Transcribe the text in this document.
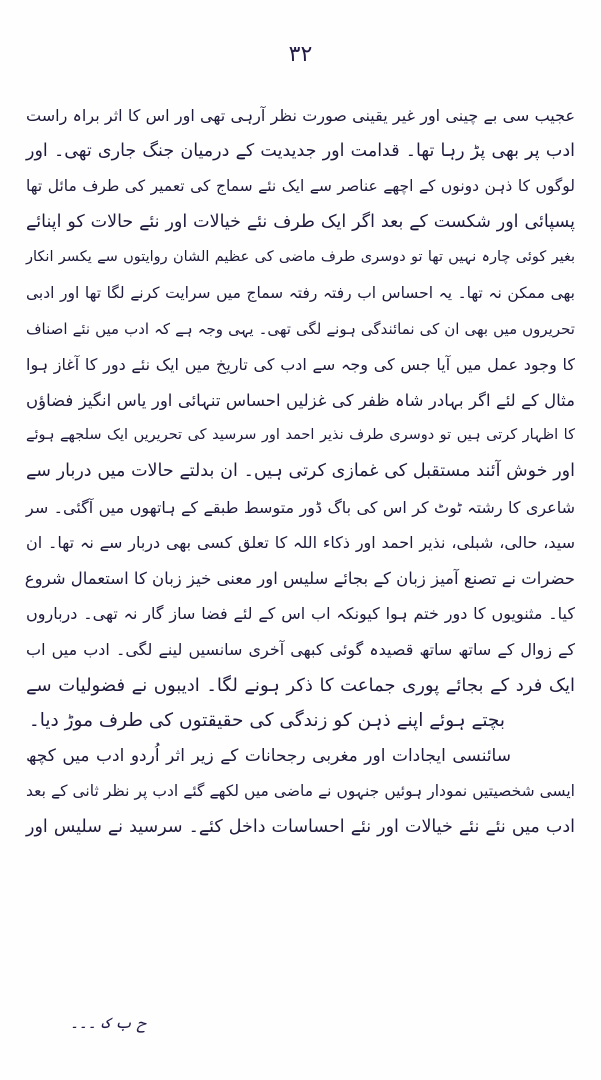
۳۲
عجیب سی بے چینی اور غیر یقینی صورت نظر آرہی تھی اور اس کا اثر براہ راست
ادب پر بھی پڑ رہا تھا۔ قدامت اور جدیدیت کے درمیان جنگ جاری تھی۔ اور
لوگوں کا ذہن دونوں کے اچھے عناصر سے ایک نئے سماج کی تعمیر کی طرف مائل تھا
پسپائی اور شکست کے بعد اگر ایک طرف نئے خیالات اور نئے حالات کو اپنائے
بغیر کوئی چارہ نہیں تھا تو دوسری طرف ماضی کی عظیم الشان روایتوں سے یکسر انکار
بھی ممکن نہ تھا۔ یہ احساس اب رفتہ رفتہ سماج میں سرایت کرنے لگا تھا اور ادبی
تحریروں میں بھی ان کی نمائندگی ہونے لگی تھی۔ یہی وجہ ہے کہ ادب میں نئے اصناف
کا وجود عمل میں آیا جس کی وجہ سے ادب کی تاریخ میں ایک نئے دور کا آغاز ہوا
مثال کے لئے اگر بہادر شاہ ظفر کی غزلیں احساس تنہائی اور یاس انگیز فضاؤں
کا اظہار کرتی ہیں تو دوسری طرف نذیر احمد اور سرسید کی تحریریں ایک سلجھے ہوئے
اور خوش آئند مستقبل کی غمازی کرتی ہیں۔ ان بدلتے حالات میں دربار سے
شاعری کا رشتہ ٹوٹ کر اس کی باگ ڈور متوسط طبقے کے ہاتھوں میں آگئی۔ سر
سید، حالی، شبلی، نذیر احمد اور ذکاء اللہ کا تعلق کسی بھی دربار سے نہ تھا۔ ان
حضرات نے تصنع آمیز زبان کے بجائے سلیس اور معنی خیز زبان کا استعمال شروع
کیا۔ مثنویوں کا دور ختم ہوا کیونکہ اب اس کے لئے فضا ساز گار نہ تھی۔ درباروں
کے زوال کے ساتھ ساتھ قصیدہ گوئی کبھی آخری سانسیں لینے لگی۔ ادب میں اب
ایک فرد کے بجائے پوری جماعت کا ذکر ہونے لگا۔ ادیبوں نے فضولیات سے
بچتے ہوئے اپنے ذہن کو زندگی کی حقیقتوں کی طرف موڑ دیا۔
سائنسی ایجادات اور مغربی رجحانات کے زیر اثر اُردو ادب میں کچھ
ایسی شخصیتیں نمودار ہوئیں جنہوں نے ماضی میں لکھے گئے ادب پر نظر ثانی کے بعد
ادب میں نئے نئے خیالات اور نئے احساسات داخل کئے۔ سرسید نے سلیس اور
ح ب ک ۔۔۔
